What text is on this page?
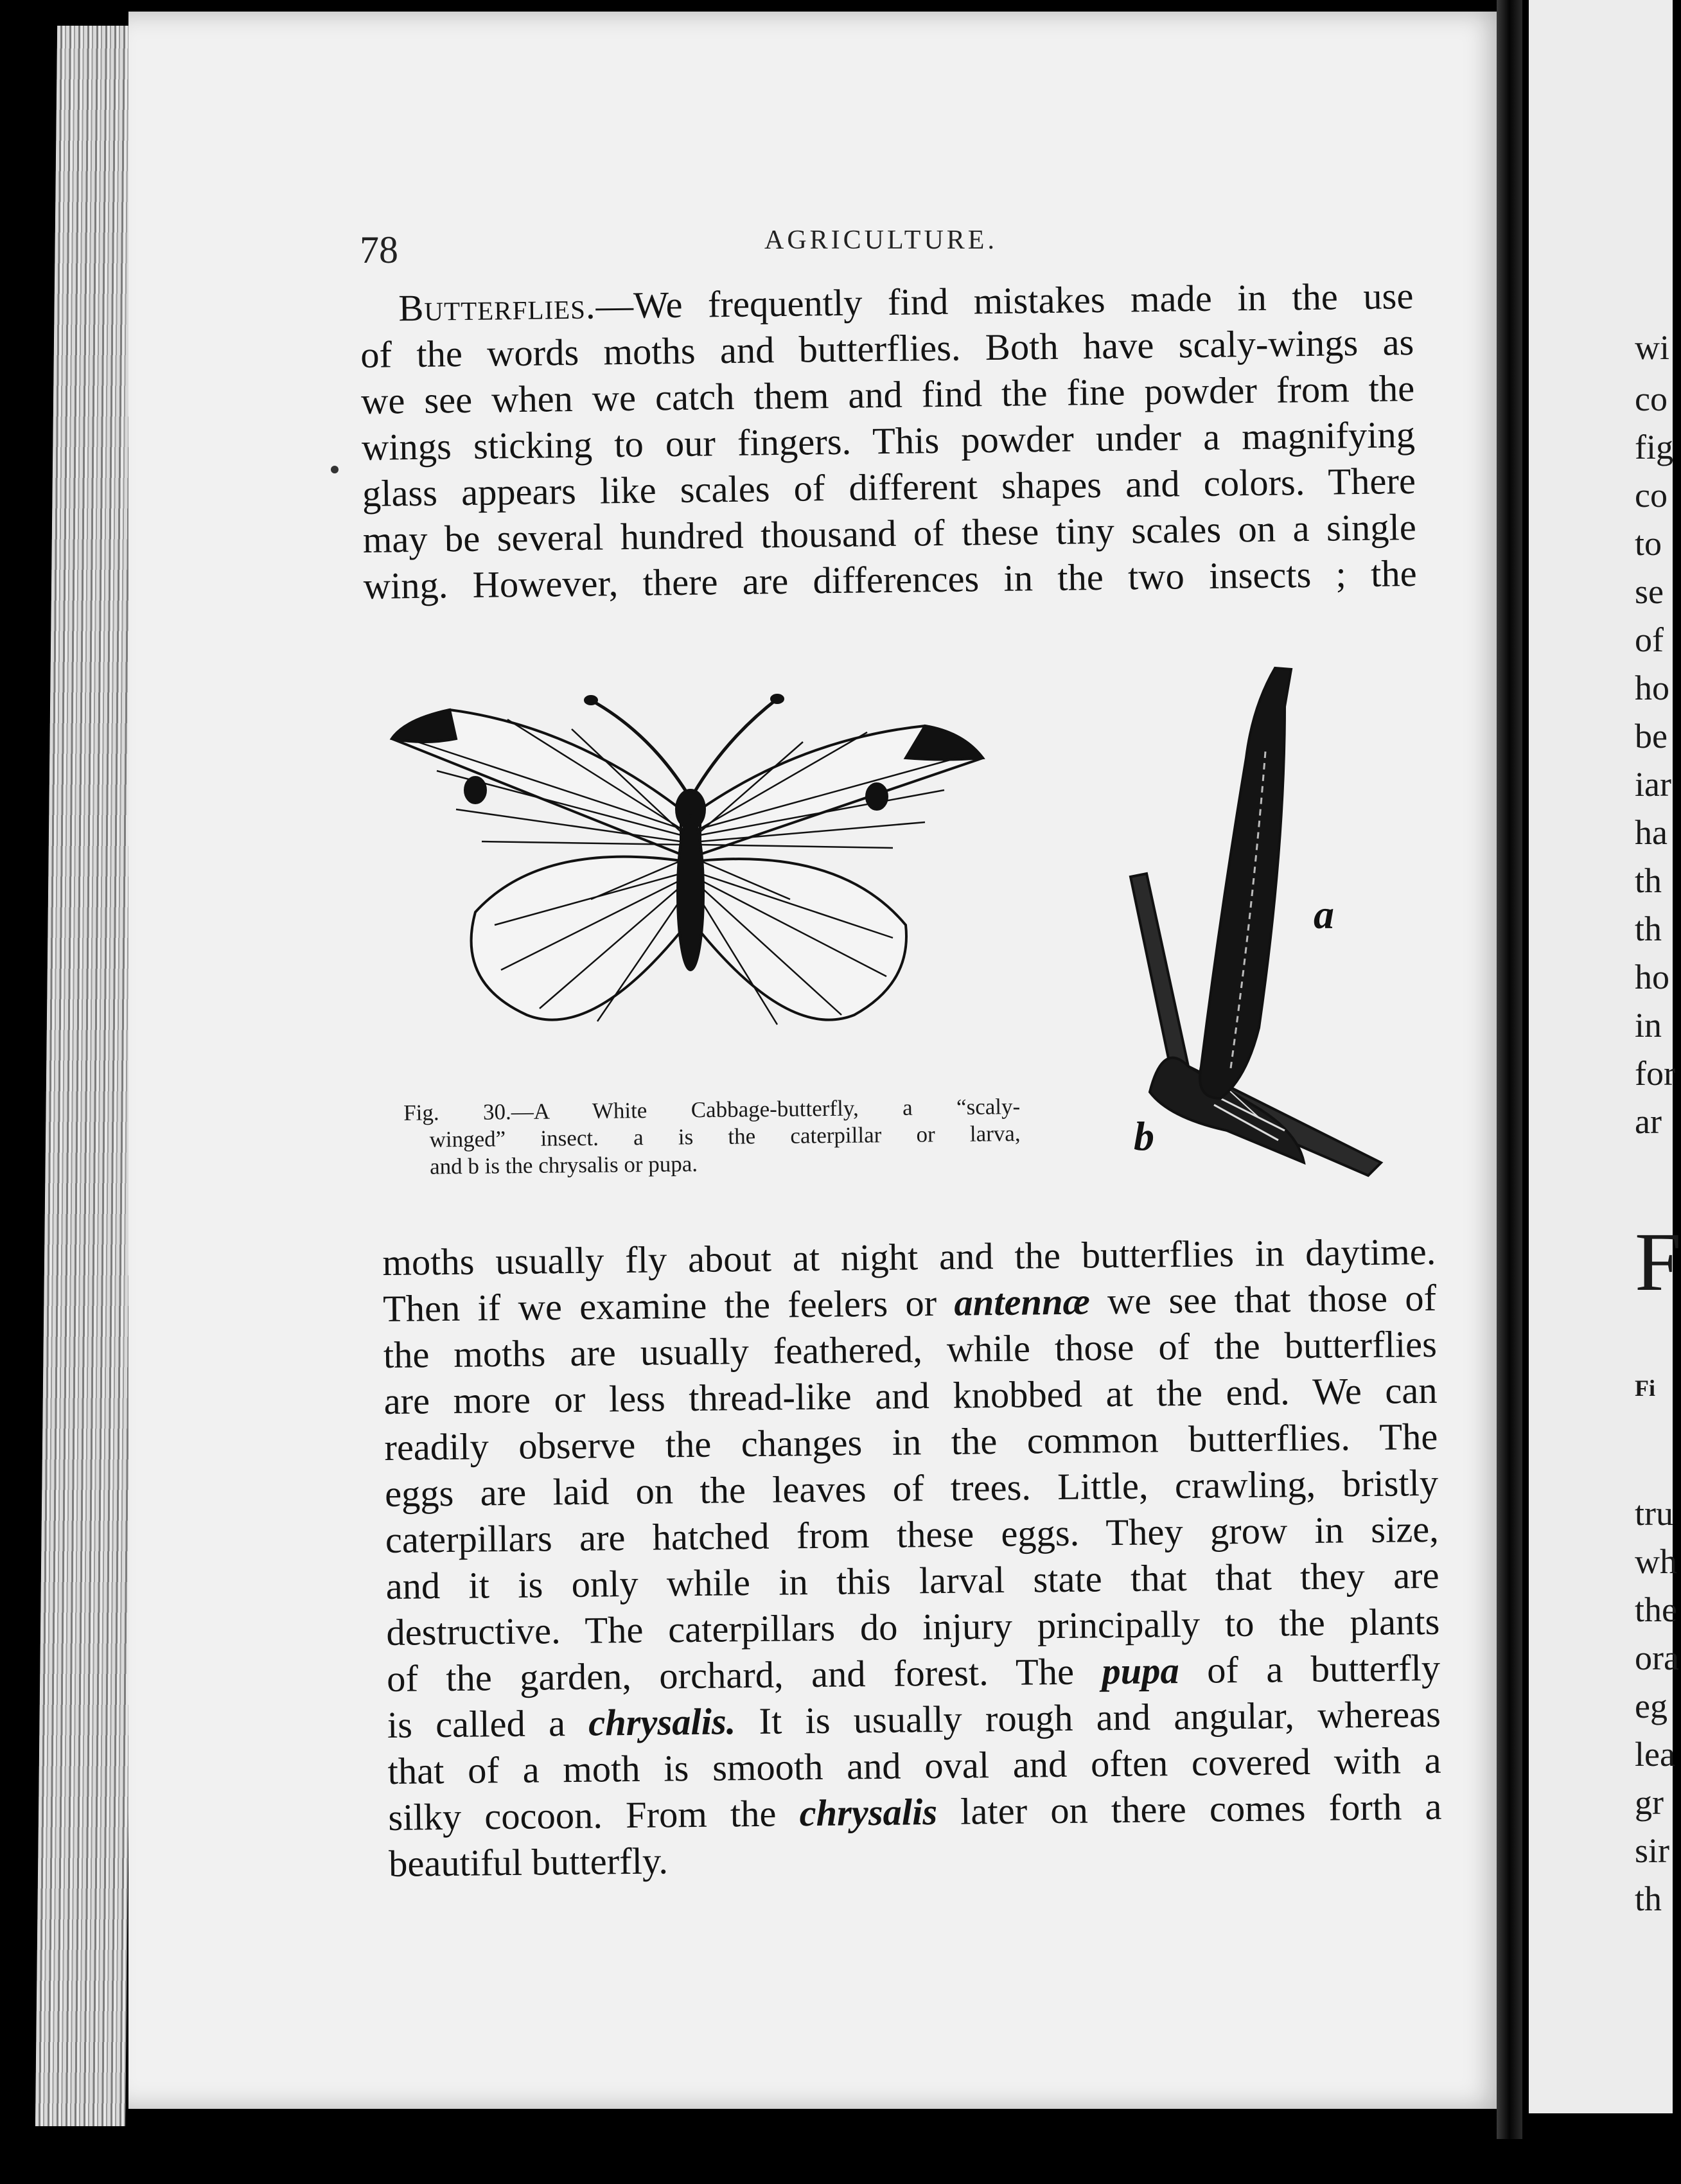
78	AGRICULTURE.
Butterflies.—We frequently find mistakes made in the use
of the words moths and butterflies. Both have scaly-wings as
we see when we catch them and find the fine powder from the
wings sticking to our fingers. This powder under a magnifying
glass appears like scales of different shapes and colors. There
may be several hundred thousand of these tiny scales on a single
wing. However, there are differences in the two insects ; the
a
b
Fig. 30.—A White Cabbage-butterfly, a “scaly-
winged” insect. a is the caterpillar or larva,
and b is the chrysalis or pupa.
moths usually fly about at night and the butterflies in daytime.
Then if we examine the feelers or antennæ we see that those of
the moths are usually feathered, while those of the butterflies
are more or less thread-like and knobbed at the end. We can
readily observe the changes in the common butterflies. The
eggs are laid on the leaves of trees. Little, crawling, bristly
caterpillars are hatched from these eggs. They grow in size,
and it is only while in this larval state that that they are
destructive. The caterpillars do injury principally to the plants
of the garden, orchard, and forest. The pupa of a butterfly
is called a chrysalis. It is usually rough and angular, whereas
that of a moth is smooth and oval and often covered with a
silky cocoon. From the chrysalis later on there comes forth a
beautiful butterfly.
wi
co
fig
co
to
se
of
ho
be
iar
ha
th
th
ho
in
for
ar
F
Fi
tru
wh
the
ora
eg
lea
gr
sir
th
